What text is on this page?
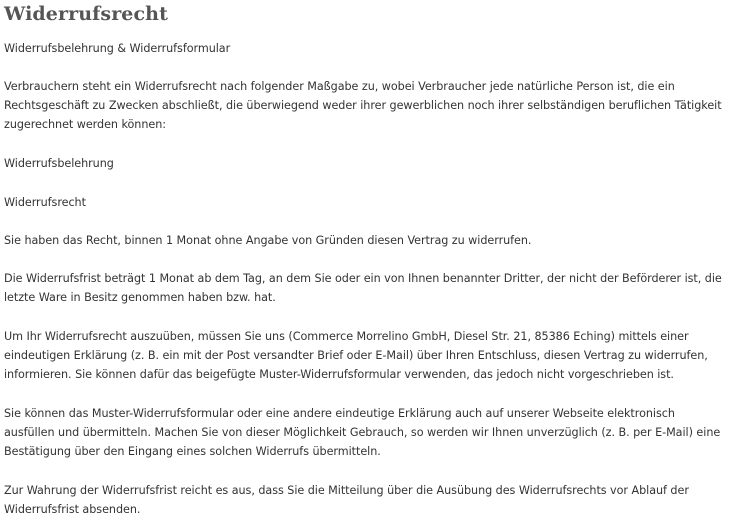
Widerrufsrecht

Widerrufsbelehrung & Widerrufsformular

Verbrauchern steht ein Widerrufsrecht nach folgender Maßgabe zu, wobei Verbraucher jede natürliche Person ist, die ein Rechtsgeschäft zu Zwecken abschließt, die überwiegend weder ihrer gewerblichen noch ihrer selbständigen beruflichen Tätigkeit zugerechnet werden können:

Widerrufsbelehrung

Widerrufsrecht

Sie haben das Recht, binnen 1 Monat ohne Angabe von Gründen diesen Vertrag zu widerrufen.

Die Widerrufsfrist beträgt 1 Monat ab dem Tag, an dem Sie oder ein von Ihnen benannter Dritter, der nicht der Beförderer ist, die letzte Ware in Besitz genommen haben bzw. hat.

Um Ihr Widerrufsrecht auszuüben, müssen Sie uns (Commerce Morrelino GmbH, Diesel Str. 21, 85386 Eching) mittels einer eindeutigen Erklärung (z. B. ein mit der Post versandter Brief oder E-Mail) über Ihren Entschluss, diesen Vertrag zu widerrufen, informieren. Sie können dafür das beigefügte Muster-Widerrufsformular verwenden, das jedoch nicht vorgeschrieben ist.

Sie können das Muster-Widerrufsformular oder eine andere eindeutige Erklärung auch auf unserer Webseite elektronisch ausfüllen und übermitteln. Machen Sie von dieser Möglichkeit Gebrauch, so werden wir Ihnen unverzüglich (z. B. per E-Mail) eine Bestätigung über den Eingang eines solchen Widerrufs übermitteln.

Zur Wahrung der Widerrufsfrist reicht es aus, dass Sie die Mitteilung über die Ausübung des Widerrufsrechts vor Ablauf der Widerrufsfrist absenden.
